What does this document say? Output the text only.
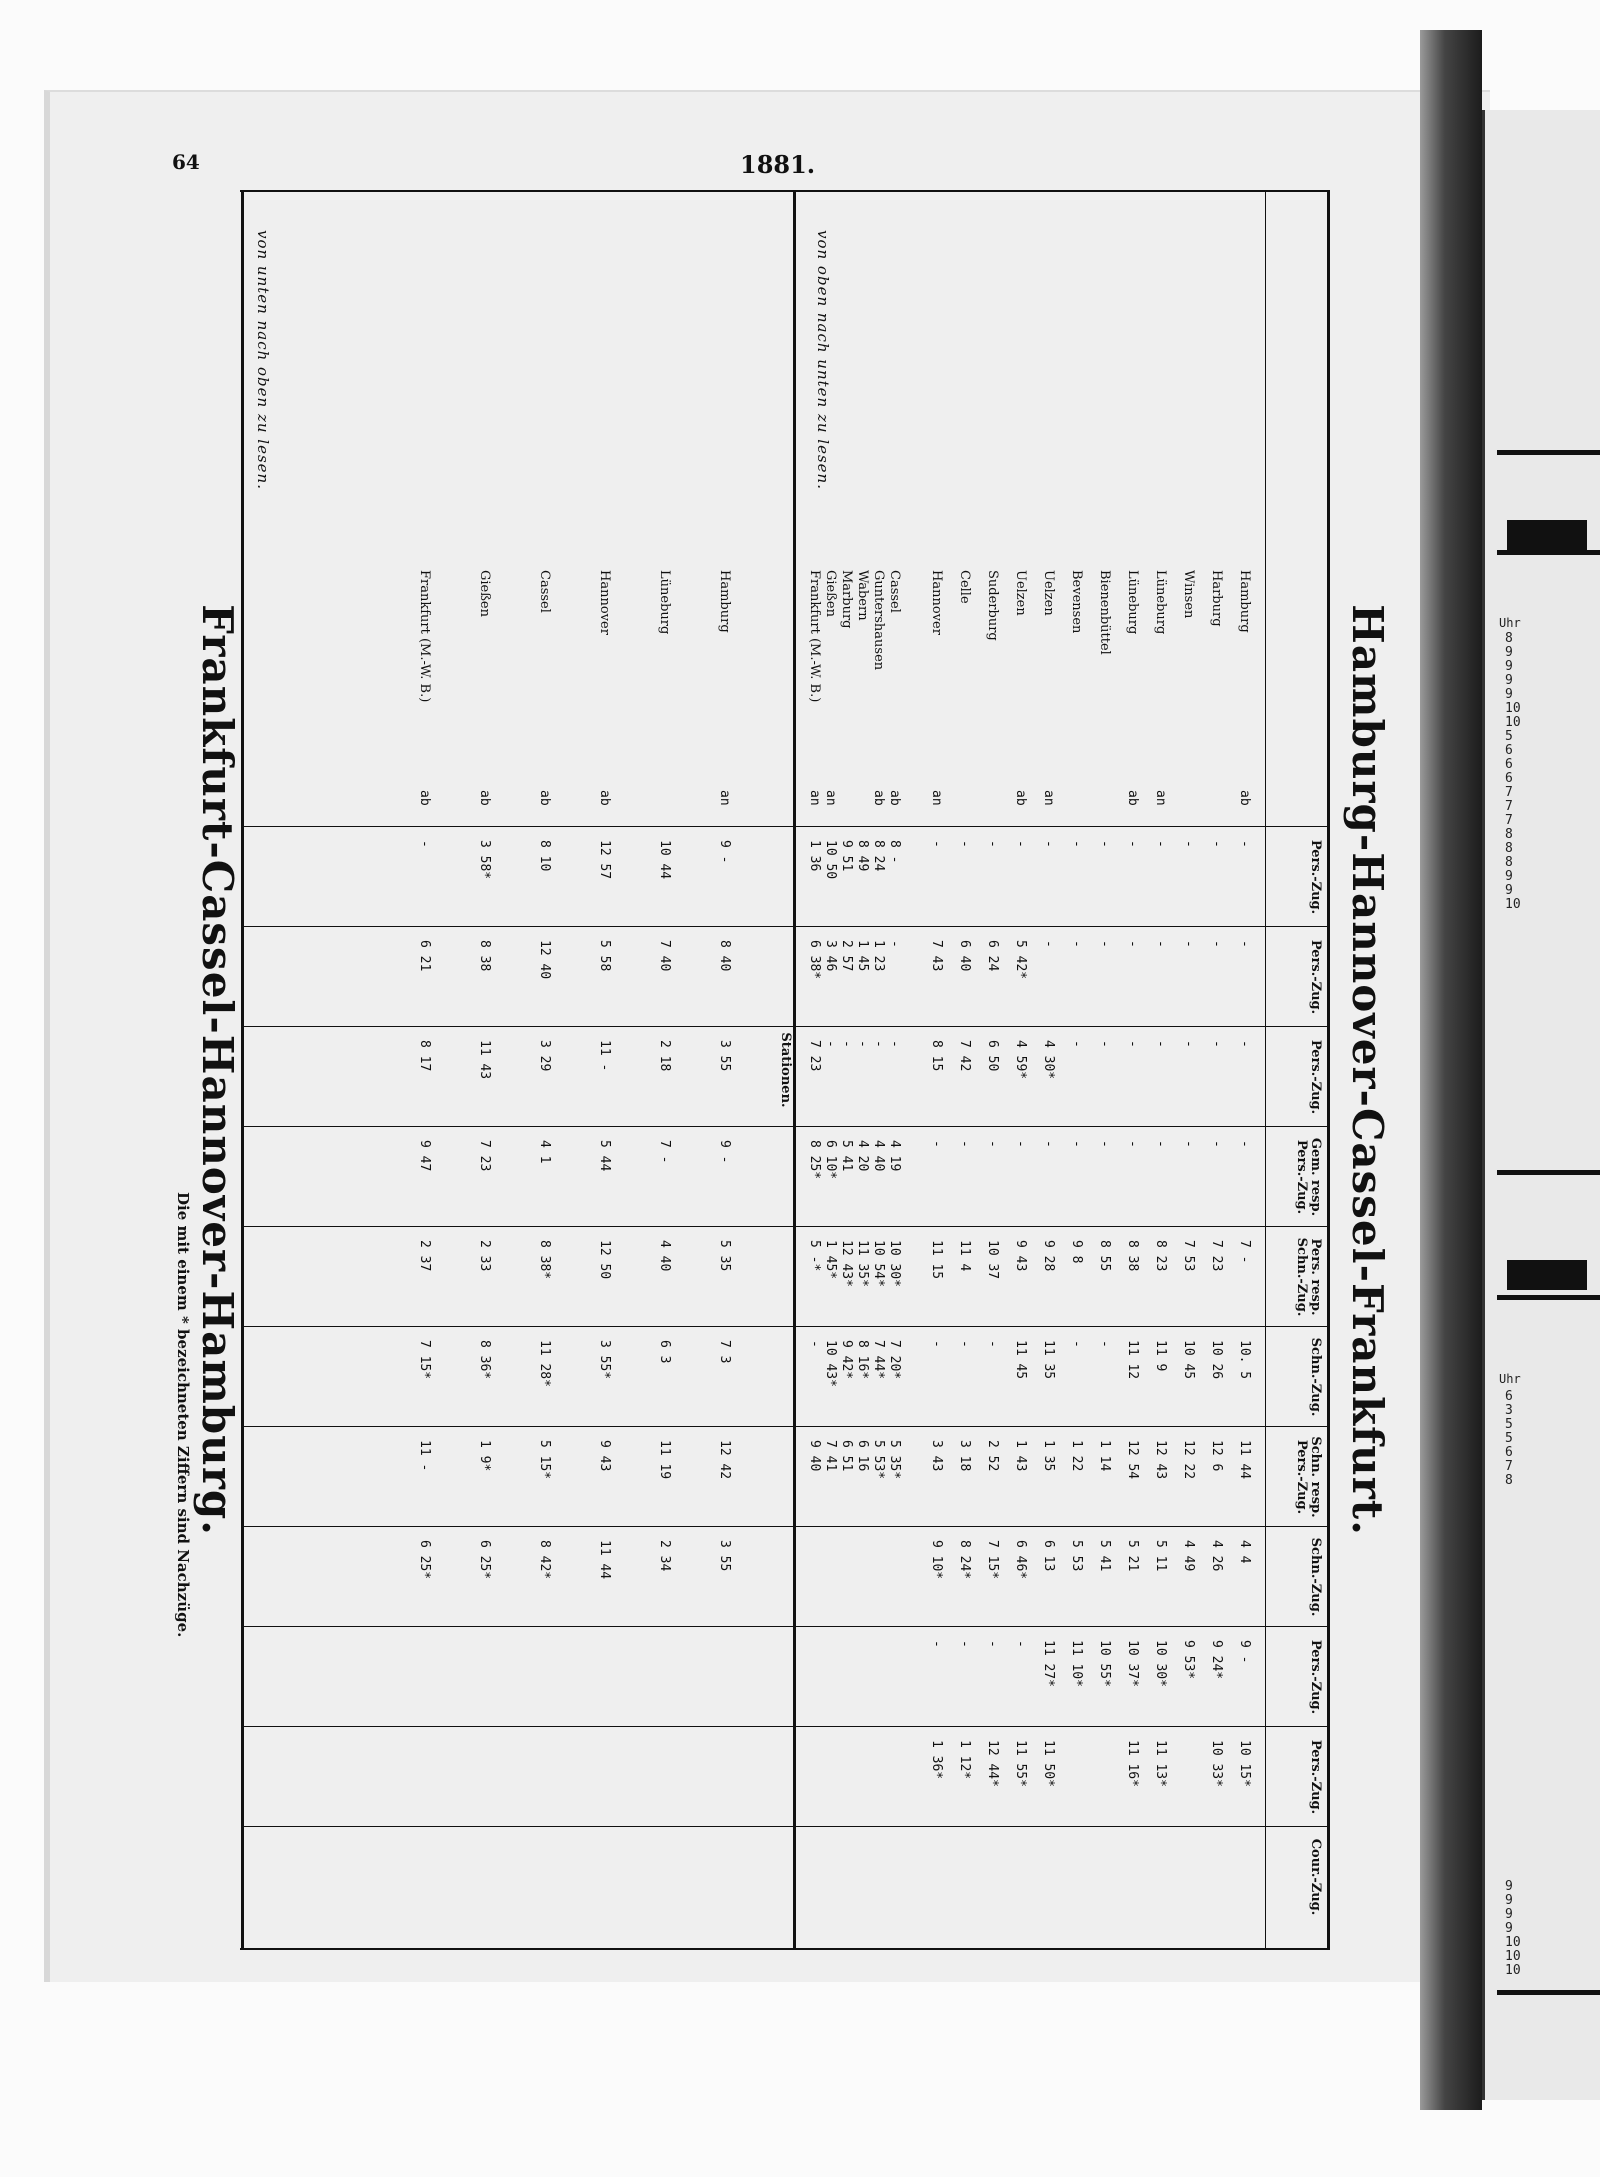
Uhr
8
9
9
9
9
10
10
5
6
6
6
7
7
7
8
8
8
9
9
10
Uhr
6
3
5
5
6
7
8
9
9
9
9
10
10
10
64	1881.
Hamburg-Hannover-Cassel-Frankfurt.
Pers.-Zug.
Pers.-Zug.
Pers.-Zug.
Gem. resp. Pers.-Zug.
Pers. resp. Schn.-Zug.
Schn.-Zug.
Schn. resp. Pers.-Zug.
Schn.-Zug.
Pers.-Zug.
Pers.-Zug.
Cour.-Zug.
ab
Hamburg
-
-
-
-
7 -
10. 5
11 44
4 4
9 -
10 15*
Harburg
-
-
-
-
7 23
10 26
12 6
4 26
9 24*
10 33*
Winsen
-
-
-
-
7 53
10 45
12 22
4 49
9 53*
an
Lüneburg
-
-
-
-
8 23
11 9
12 43
5 11
10 30*
11 13*
ab
Lüneburg
-
-
-
-
8 38
11 12
12 54
5 21
10 37*
11 16*
Bienenbüttel
-
-
-
-
8 55
-
1 14
5 41
10 55*
Bevensen
-
-
-
-
9 8
-
1 22
5 53
11 10*
an
Uelzen
-
-
4 30*
-
9 28
11 35
1 35
6 13
11 27*
11 50*
ab
Uelzen
-
5 42*
4 59*
-
9 43
11 45
1 43
6 46*
-
11 55*
Suderburg
-
6 24
6 50
-
10 37
-
2 52
7 15*
-
12 44*
Celle
-
6 40
7 42
-
11 4
-
3 18
8 24*
-
1 12*
an
Hannover
-
7 43
8 15
-
11 15
-
3 43
9 10*
-
1 36*
ab
Cassel
8 -
-
-
4 19
10 30*
7 20*
5 35*
ab
Guntershausen
8 24
1 23
-
4 40
10 54*
7 44*
5 53*
Wabern
8 49
1 45
-
4 20
11 35*
8 16*
6 16
Marburg
9 51
2 57
-
5 41
12 43*
9 42*
6 51
an
Gießen
10 50
3 46
-
6 10*
1 45*
10 43*
7 41
an
Frankfurt (M.-W. B.)
1 36
6 38*
7 23
8 25*
5 -*
-
9 40
Stationen.
an
Hamburg
9 -
8 40
3 55
9 -
5 35
7 3
12 42
3 55
Lüneburg
10 44
7 40
2 18
7 -
4 40
6 3
11 19
2 34
ab
Hannover
12 57
5 58
11 -
5 44
12 50
3 55*
9 43
11 44
ab
Cassel
8 10
12 40
3 29
4 1
8 38*
11 28*
5 15*
8 42*
ab
Gießen
3 58*
8 38
11 43
7 23
2 33
8 36*
1 9*
6 25*
ab
Frankfurt (M.-W. B.)
-
6 21
8 17
9 47
2 37
7 15*
11 -
6 25*
Frankfurt-Cassel-Hannover-Hamburg.
von oben nach unten zu lesen.
von unten nach oben zu lesen.
Die mit einem * bezeichneten Ziffern sind Nachzüge.
